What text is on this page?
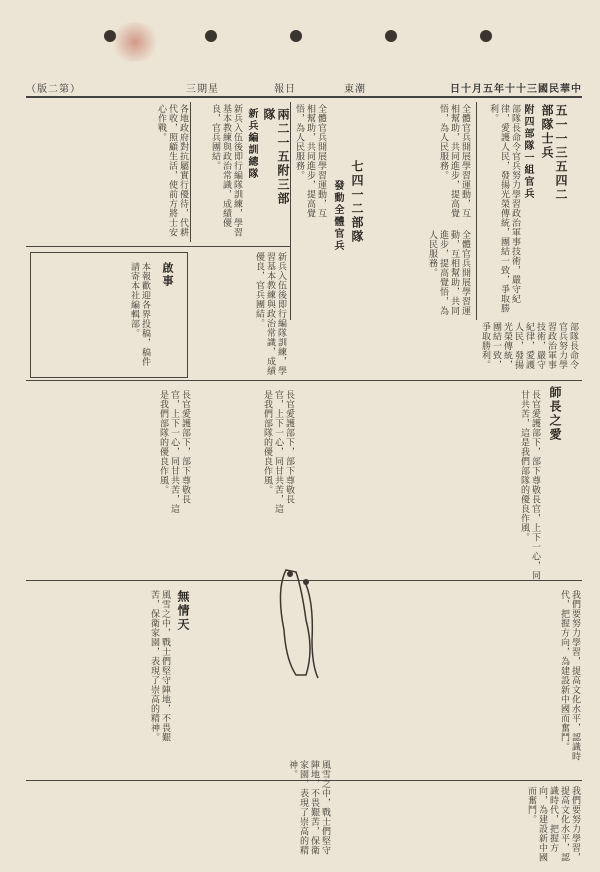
（版二第）	三期星	報日	東潮	日十月五年十十三國民華中
五一一三五四二部隊士兵
附四部隊一組官兵
部隊長命令官兵努力學習政治軍事技術，嚴守紀律，愛護人民，發揚光榮傳統，團結一致，爭取勝利。
全體官兵開展學習運動，互相幫助，共同進步，提高覺悟，為人民服務。
七四一二部隊
發動全體官兵
全體官兵開展學習運動，互相幫助，共同進步，提高覺悟，為人民服務。
全體官兵開展學習運動，互相幫助，共同進步，提高覺悟，為人民服務。
兩二一五附三部隊
新兵編訓總隊
新兵入伍後即行編隊訓練，學習基本教練與政治常識，成績優良，官兵團結。
各地政府對抗屬實行優待，代耕代收，照顧生活，使前方將士安心作戰。
啟事
本報歡迎各界投稿，稿件請寄本社編輯部。	新兵入伍後即行編隊訓練，學習基本教練與政治常識，成績優良，官兵團結。
部隊長命令官兵努力學習政治軍事技術，嚴守紀律，愛護人民，發揚光榮傳統，團結一致，爭取勝利。
師長之愛
長官愛護部下，部下尊敬長官，上下一心，同甘共苦，這是我們部隊的優良作風。
長官愛護部下，部下尊敬長官，上下一心，同甘共苦，這是我們部隊的優良作風。	長官愛護部下，部下尊敬長官，上下一心，同甘共苦，這是我們部隊的優良作風。
無情天
風雪之中，戰士們堅守陣地，不畏艱苦，保衛家園，表現了崇高的精神。	我們要努力學習，提高文化水平，認識時代，把握方向，為建設新中國而奮鬥。
風雪之中，戰士們堅守陣地，不畏艱苦，保衛家園，表現了崇高的精神。
我們要努力學習，提高文化水平，認識時代，把握方向，為建設新中國而奮鬥。
